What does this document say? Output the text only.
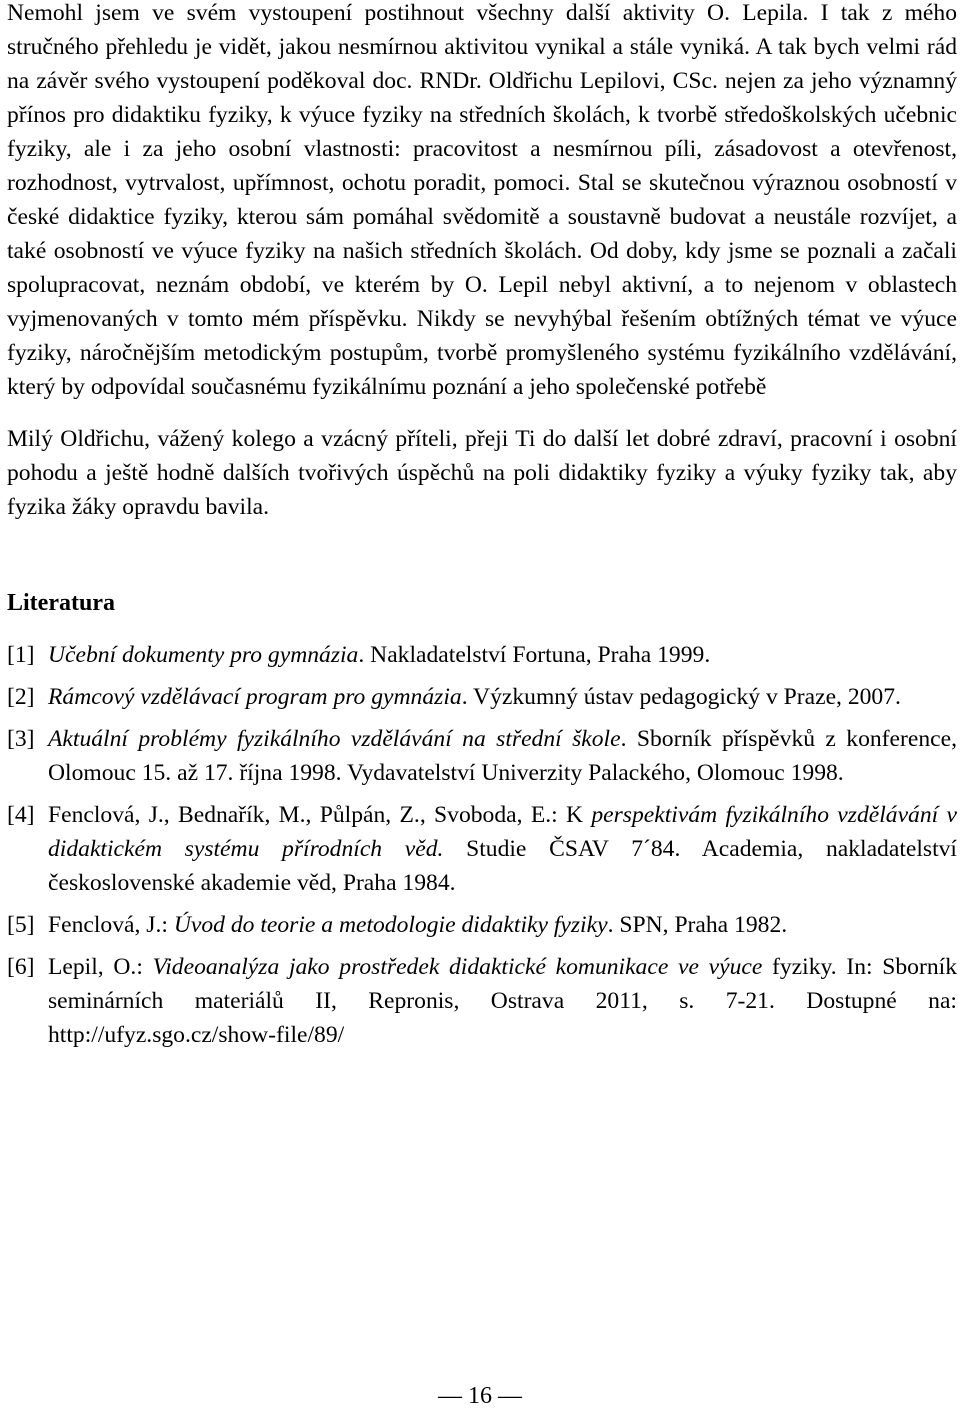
Nemohl jsem ve svém vystoupení postihnout všechny další aktivity O. Lepila. I tak z mého stručného přehledu je vidět, jakou nesmírnou aktivitou vynikal a stále vyniká. A tak bych velmi rád na závěr svého vystoupení poděkoval doc. RNDr. Oldřichu Lepilovi, CSc. nejen za jeho významný přínos pro didaktiku fyziky, k výuce fyziky na středních školách, k tvorbě středoškolských učebnic fyziky, ale i za jeho osobní vlastnosti: pracovitost a nesmírnou píli, zásadovost a otevřenost, rozhodnost, vytrvalost, upřímnost, ochotu poradit, pomoci. Stal se skutečnou výraznou osobností v české didaktice fyziky, kterou sám pomáhal svědomitě a soustavně budovat a neustále rozvíjet, a také osobností ve výuce fyziky na našich středních školách. Od doby, kdy jsme se poznali a začali spolupracovat, neznám období, ve kterém by O. Lepil nebyl aktivní, a to nejenom v oblastech vyjmenovaných v tomto mém příspěvku. Nikdy se nevyhýbal řešením obtížných témat ve výuce fyziky, náročnějším metodickým postupům, tvorbě promyšleného systému fyzikálního vzdělávání, který by odpovídal současnému fyzikálnímu poznání a jeho společenské potřebě

Milý Oldřichu, vážený kolego a vzácný příteli, přeji Ti do další let dobré zdraví, pracovní i osobní pohodu a ještě hodně dalších tvořivých úspěchů na poli didaktiky fyziky a výuky fyziky tak, aby fyzika žáky opravdu bavila.

Literatura
[1] Učební dokumenty pro gymnázia. Nakladatelství Fortuna, Praha 1999.
[2] Rámcový vzdělávací program pro gymnázia. Výzkumný ústav pedagogický v Praze, 2007.
[3] Aktuální problémy fyzikálního vzdělávání na střední škole. Sborník příspěvků z konference, Olomouc 15. až 17. října 1998. Vydavatelství Univerzity Palackého, Olomouc 1998.
[4] Fenclová, J., Bednařík, M., Půlpán, Z., Svoboda, E.: K perspektivám fyzikálního vzdělávání v didaktickém systému přírodních věd. Studie ČSAV 7´84. Academia, nakladatelství československé akademie věd, Praha 1984.
[5] Fenclová, J.: Úvod do teorie a metodologie didaktiky fyziky. SPN, Praha 1982.
[6] Lepil, O.: Videoanalýza jako prostředek didaktické komunikace ve výuce fyziky. In: Sborník seminárních materiálů II, Repronis, Ostrava 2011, s. 7-21. Dostupné na: http://ufyz.sgo.cz/show-file/89/
— 16 —
